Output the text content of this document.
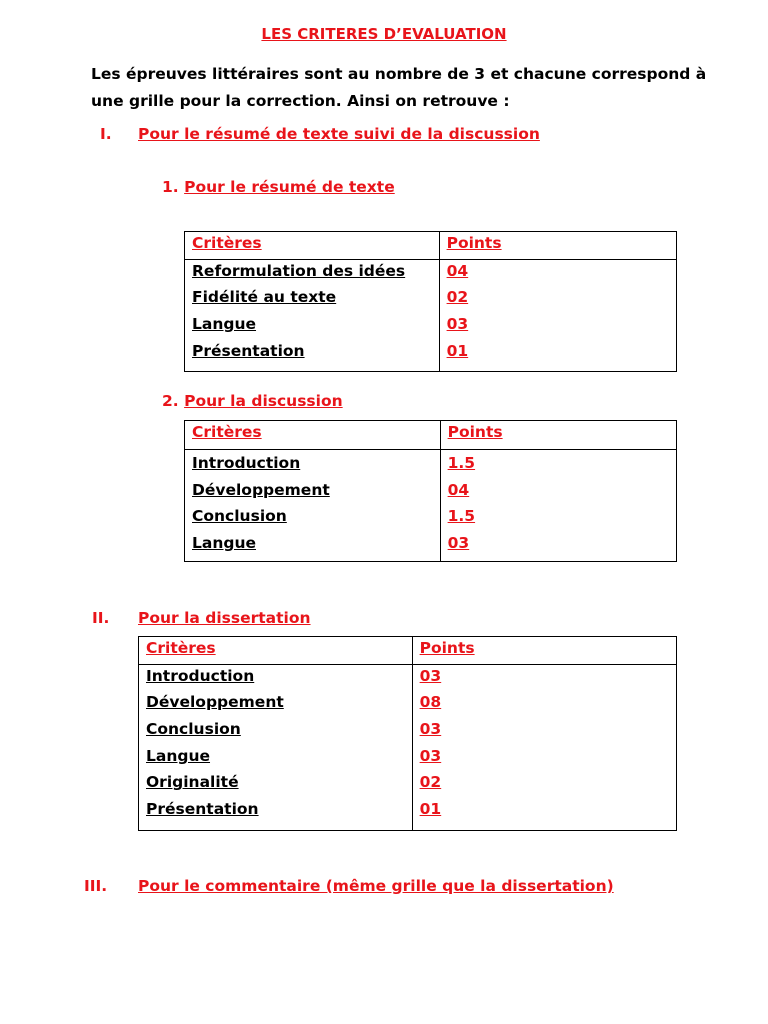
LES CRITERES D’EVALUATION
Les épreuves littéraires sont au nombre de 3 et chacune correspond à une grille pour la correction. Ainsi on retrouve :
I. Pour le résumé de texte suivi de la discussion
1. Pour le résumé de texte
Critères	Points
Reformulation des idées	04
Fidélité au texte	02
Langue	03
Présentation	01
2. Pour la discussion
Critères	Points
Introduction	1.5
Développement	04
Conclusion	1.5
Langue	03
II. Pour la dissertation
Critères	Points
Introduction	03
Développement	08
Conclusion	03
Langue	03
Originalité	02
Présentation	01
III. Pour le commentaire (même grille que la dissertation)
